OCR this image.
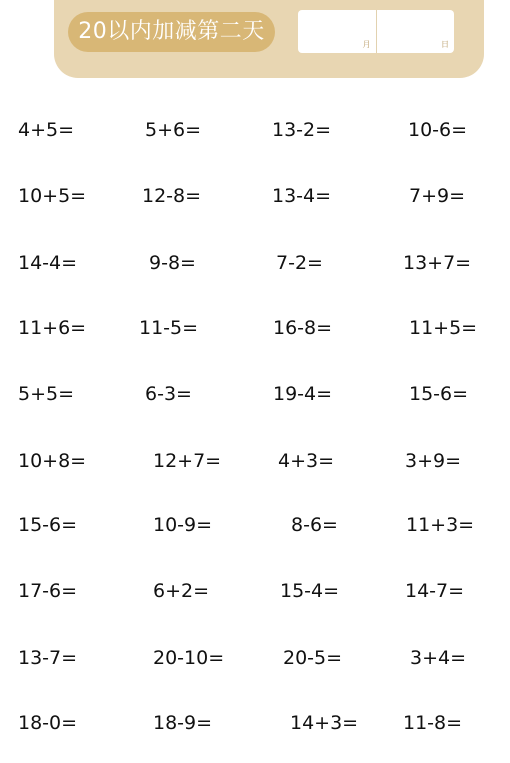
20以内加减第二天
月	日
4+5=	5+6=	13-2=	10-6=
10+5=	12-8=	13-4=	7+9=
14-4=	9-8=	7-2=	13+7=
11+6=	11-5=	16-8=	11+5=
5+5=	6-3=	19-4=	15-6=
10+8=	12+7=	4+3=	3+9=
15-6=	10-9=	8-6=	11+3=
17-6=	6+2=	15-4=	14-7=
13-7=	20-10=	20-5=	3+4=
18-0=	18-9=	14+3= 11-8=
